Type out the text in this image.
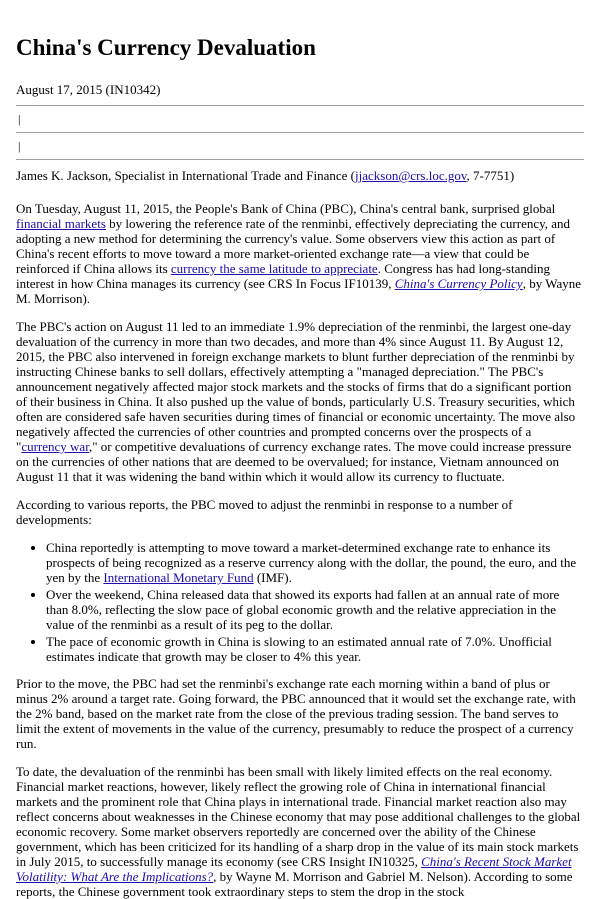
China's Currency Devaluation
August 17, 2015 (IN10342)
|
|
James K. Jackson, Specialist in International Trade and Finance (jjackson@crs.loc.gov, 7-7751)

On Tuesday, August 11, 2015, the People's Bank of China (PBC), China's central bank, surprised global financial markets by lowering the reference rate of the renminbi, effectively depreciating the currency, and adopting a new method for determining the currency's value. Some observers view this action as part of China's recent efforts to move toward a more market-oriented exchange rate—a view that could be reinforced if China allows its currency the same latitude to appreciate. Congress has had long-standing interest in how China manages its currency (see CRS In Focus IF10139, China's Currency Policy, by Wayne M. Morrison).

The PBC's action on August 11 led to an immediate 1.9% depreciation of the renminbi, the largest one-day devaluation of the currency in more than two decades, and more than 4% since August 11. By August 12, 2015, the PBC also intervened in foreign exchange markets to blunt further depreciation of the renminbi by instructing Chinese banks to sell dollars, effectively attempting a "managed depreciation." The PBC's announcement negatively affected major stock markets and the stocks of firms that do a significant portion of their business in China. It also pushed up the value of bonds, particularly U.S. Treasury securities, which often are considered safe haven securities during times of financial or economic uncertainty. The move also negatively affected the currencies of other countries and prompted concerns over the prospects of a "currency war," or competitive devaluations of currency exchange rates. The move could increase pressure on the currencies of other nations that are deemed to be overvalued; for instance, Vietnam announced on August 11 that it was widening the band within which it would allow its currency to fluctuate.

According to various reports, the PBC moved to adjust the renminbi in response to a number of developments:

• China reportedly is attempting to move toward a market-determined exchange rate to enhance its prospects of being recognized as a reserve currency along with the dollar, the pound, the euro, and the yen by the International Monetary Fund (IMF).
• Over the weekend, China released data that showed its exports had fallen at an annual rate of more than 8.0%, reflecting the slow pace of global economic growth and the relative appreciation in the value of the renminbi as a result of its peg to the dollar.
• The pace of economic growth in China is slowing to an estimated annual rate of 7.0%. Unofficial estimates indicate that growth may be closer to 4% this year.

Prior to the move, the PBC had set the renminbi's exchange rate each morning within a band of plus or minus 2% around a target rate. Going forward, the PBC announced that it would set the exchange rate, with the 2% band, based on the market rate from the close of the previous trading session. The band serves to limit the extent of movements in the value of the currency, presumably to reduce the prospect of a currency run.

To date, the devaluation of the renminbi has been small with likely limited effects on the real economy. Financial market reactions, however, likely reflect the growing role of China in international financial markets and the prominent role that China plays in international trade. Financial market reaction also may reflect concerns about weaknesses in the Chinese economy that may pose additional challenges to the global economic recovery. Some market observers reportedly are concerned over the ability of the Chinese government, which has been criticized for its handling of a sharp drop in the value of its main stock markets in July 2015, to successfully manage its economy (see CRS Insight IN10325, China's Recent Stock Market Volatility: What Are the Implications?, by Wayne M. Morrison and Gabriel M. Nelson). According to some reports, the Chinese government took extraordinary steps to stem the drop in the stock
